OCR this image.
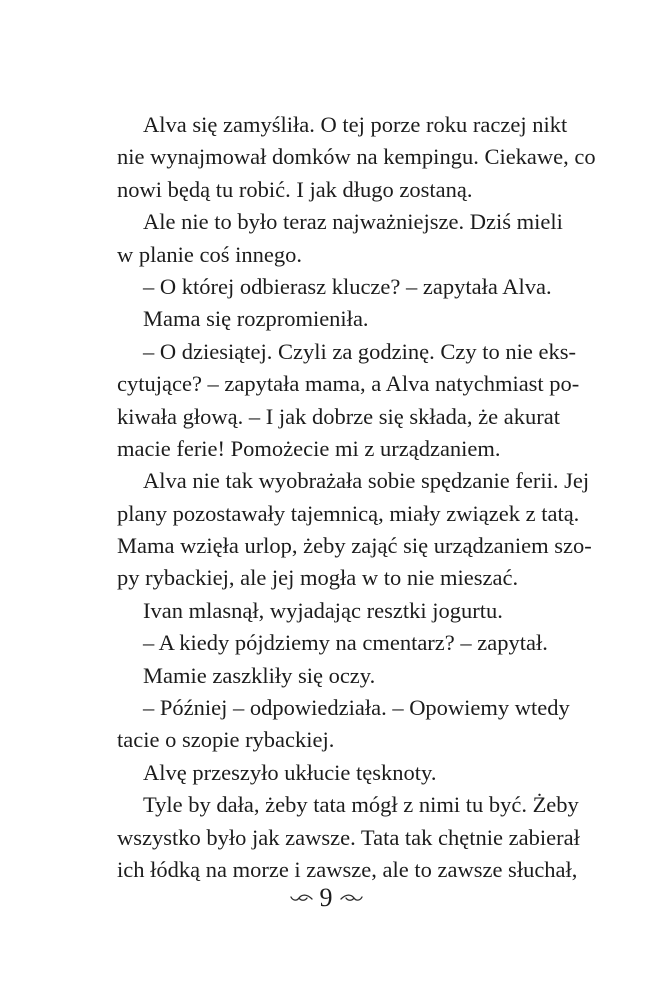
Alva się zamyśliła. O tej porze roku raczej nikt
nie wynajmował domków na kempingu. Ciekawe, co
nowi będą tu robić. I jak długo zostaną.
Ale nie to było teraz najważniejsze. Dziś mieli
w planie coś innego.
– O której odbierasz klucze? – zapytała Alva.
Mama się rozpromieniła.
– O dziesiątej. Czyli za godzinę. Czy to nie eks-
cytujące? – zapytała mama, a Alva natychmiast po-
kiwała głową. – I jak dobrze się składa, że akurat
macie ferie! Pomożecie mi z urządzaniem.
Alva nie tak wyobrażała sobie spędzanie ferii. Jej
plany pozostawały tajemnicą, miały związek z tatą.
Mama wzięła urlop, żeby zająć się urządzaniem szo-
py rybackiej, ale jej mogła w to nie mieszać.
Ivan mlasnął, wyjadając resztki jogurtu.
– A kiedy pójdziemy na cmentarz? – zapytał.
Mamie zaszkliły się oczy.
– Później – odpowiedziała. – Opowiemy wtedy
tacie o szopie rybackiej.
Alvę przeszyło ukłucie tęsknoty.
Tyle by dała, żeby tata mógł z nimi tu być. Żeby
wszystko było jak zawsze. Tata tak chętnie zabierał
ich łódką na morze i zawsze, ale to zawsze słuchał,
9
